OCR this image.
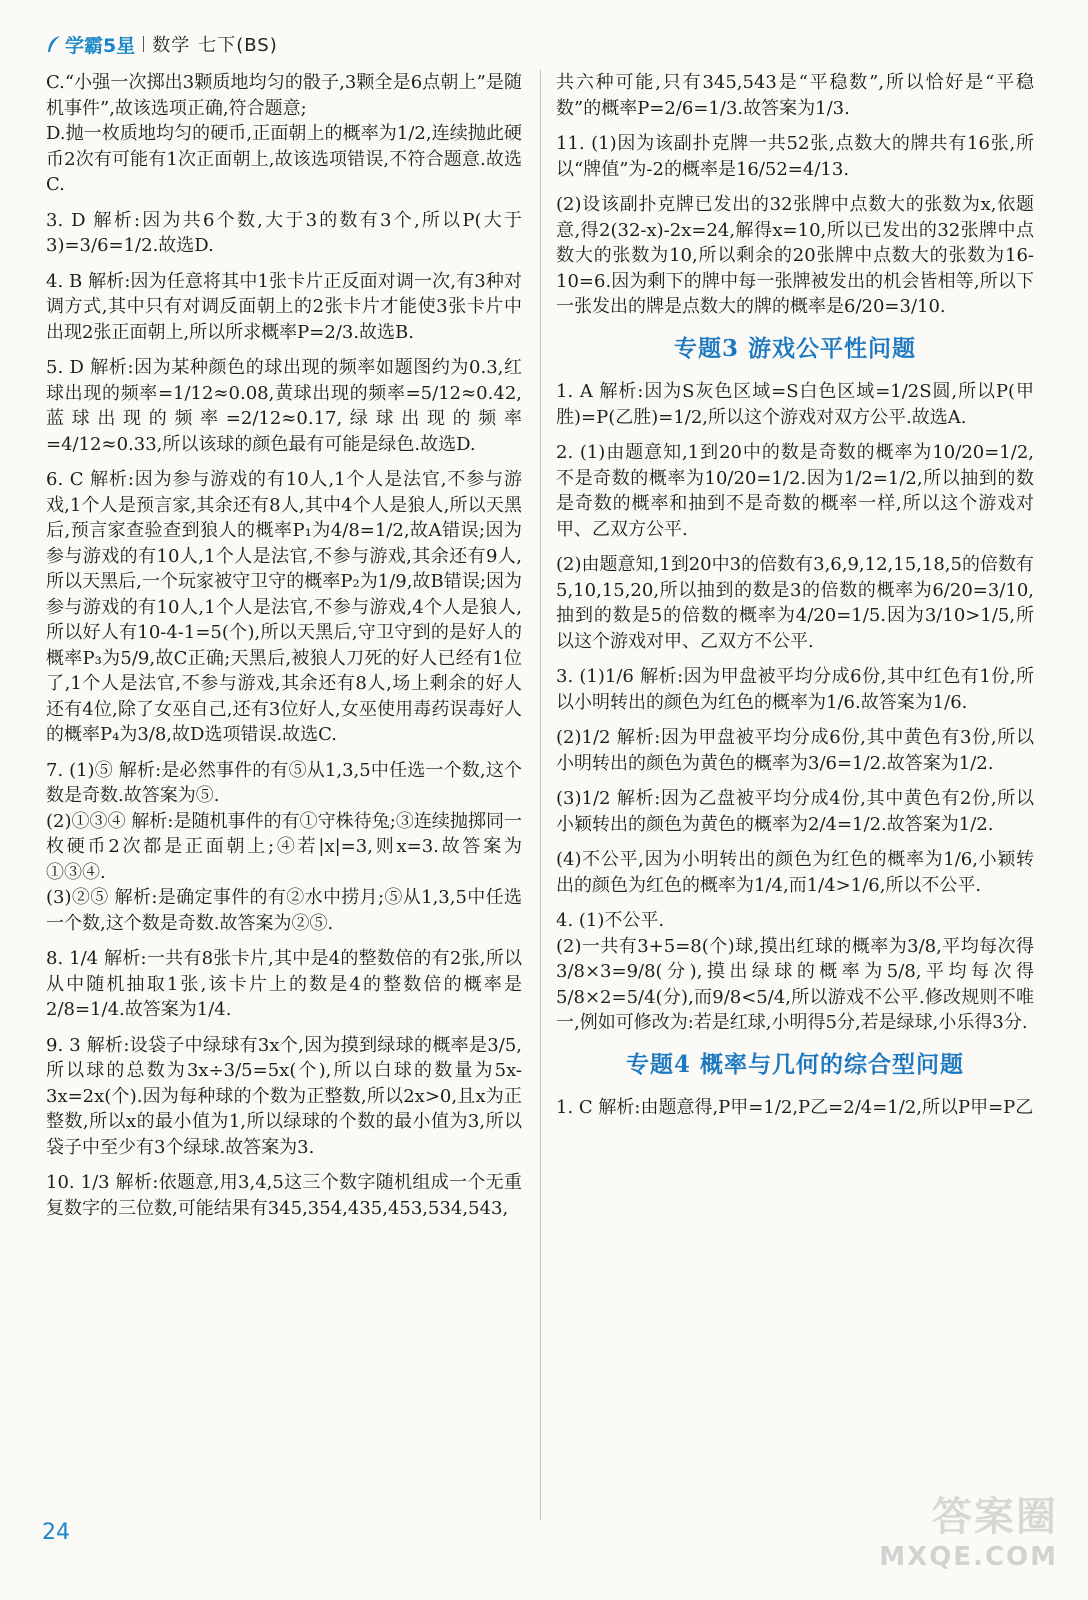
学霸5星 数学 七下(BS)

C.“小强一次掷出3颗质地均匀的骰子,3颗全是6点朝上”是随机事件”,故该选项正确,符合题意;

D.抛一枚质地均匀的硬币,正面朝上的概率为1/2,连续抛此硬币2次有可能有1次正面朝上,故该选项错误,不符合题意.故选C.

3. D 解析:因为共6个数,大于3的数有3个,所以P(大于3)=3/6=1/2.故选D.

4. B 解析:因为任意将其中1张卡片正反面对调一次,有3种对调方式,其中只有对调反面朝上的2张卡片才能使3张卡片中出现2张正面朝上,所以所求概率P=2/3.故选B.

5. D 解析:因为某种颜色的球出现的频率如题图约为0.3,红球出现的频率=1/12≈0.08,黄球出现的频率=5/12≈0.42,蓝球出现的频率=2/12≈0.17,绿球出现的频率=4/12≈0.33,所以该球的颜色最有可能是绿色.故选D.

6. C 解析:因为参与游戏的有10人,1个人是法官,不参与游戏,1个人是预言家,其余还有8人,其中4个人是狼人,所以天黑后,预言家查验查到狼人的概率P₁为4/8=1/2,故A错误;因为参与游戏的有10人,1个人是法官,不参与游戏,其余还有9人,所以天黑后,一个玩家被守卫守的概率P₂为1/9,故B错误;因为参与游戏的有10人,1个人是法官,不参与游戏,4个人是狼人,所以好人有10-4-1=5(个),所以天黑后,守卫守到的是好人的概率P₃为5/9,故C正确;天黑后,被狼人刀死的好人已经有1位了,1个人是法官,不参与游戏,其余还有8人,场上剩余的好人还有4位,除了女巫自己,还有3位好人,女巫使用毒药误毒好人的概率P₄为3/8,故D选项错误.故选C.

7. (1)⑤ 解析:是必然事件的有⑤从1,3,5中任选一个数,这个数是奇数.故答案为⑤.

(2)①③④ 解析:是随机事件的有①守株待兔;③连续抛掷同一枚硬币2次都是正面朝上;④若|x|=3,则x=3.故答案为①③④.

(3)②⑤ 解析:是确定事件的有②水中捞月;⑤从1,3,5中任选一个数,这个数是奇数.故答案为②⑤.

8. 1/4 解析:一共有8张卡片,其中是4的整数倍的有2张,所以从中随机抽取1张,该卡片上的数是4的整数倍的概率是2/8=1/4.故答案为1/4.

9. 3 解析:设袋子中绿球有3x个,因为摸到绿球的概率是3/5,所以球的总数为3x÷3/5=5x(个),所以白球的数量为5x-3x=2x(个).因为每种球的个数为正整数,所以2x>0,且x为正整数,所以x的最小值为1,所以绿球的个数的最小值为3,所以袋子中至少有3个绿球.故答案为3.

10. 1/3 解析:依题意,用3,4,5这三个数字随机组成一个无重复数字的三位数,可能结果有345,354,435,453,534,543,

共六种可能,只有345,543是“平稳数”,所以恰好是“平稳数”的概率P=2/6=1/3.故答案为1/3.

11. (1)因为该副扑克牌一共52张,点数大的牌共有16张,所以“牌值”为-2的概率是16/52=4/13.

(2)设该副扑克牌已发出的32张牌中点数大的张数为x,依题意,得2(32-x)-2x=24,解得x=10,所以已发出的32张牌中点数大的张数为10,所以剩余的20张牌中点数大的张数为16-10=6.因为剩下的牌中每一张牌被发出的机会皆相等,所以下一张发出的牌是点数大的牌的概率是6/20=3/10.

专题3 游戏公平性问题

1. A 解析:因为S灰色区域=S白色区域=1/2S圆,所以P(甲胜)=P(乙胜)=1/2,所以这个游戏对双方公平.故选A.

2. (1)由题意知,1到20中的数是奇数的概率为10/20=1/2,不是奇数的概率为10/20=1/2.因为1/2=1/2,所以抽到的数是奇数的概率和抽到不是奇数的概率一样,所以这个游戏对甲、乙双方公平.

(2)由题意知,1到20中3的倍数有3,6,9,12,15,18,5的倍数有5,10,15,20,所以抽到的数是3的倍数的概率为6/20=3/10,抽到的数是5的倍数的概率为4/20=1/5.因为3/10>1/5,所以这个游戏对甲、乙双方不公平.

3. (1)1/6 解析:因为甲盘被平均分成6份,其中红色有1份,所以小明转出的颜色为红色的概率为1/6.故答案为1/6.

(2)1/2 解析:因为甲盘被平均分成6份,其中黄色有3份,所以小明转出的颜色为黄色的概率为3/6=1/2.故答案为1/2.

(3)1/2 解析:因为乙盘被平均分成4份,其中黄色有2份,所以小颖转出的颜色为黄色的概率为2/4=1/2.故答案为1/2.

(4)不公平,因为小明转出的颜色为红色的概率为1/6,小颖转出的颜色为红色的概率为1/4,而1/4>1/6,所以不公平.

4. (1)不公平.

(2)一共有3+5=8(个)球,摸出红球的概率为3/8,平均每次得3/8×3=9/8(分),摸出绿球的概率为5/8,平均每次得5/8×2=5/4(分),而9/8<5/4,所以游戏不公平.修改规则不唯一,例如可修改为:若是红球,小明得5分,若是绿球,小乐得3分.

专题4 概率与几何的综合型问题

1. C 解析:由题意得,P甲=1/2,P乙=2/4=1/2,所以P甲=P乙

24	答案圈
MXQE.COM
